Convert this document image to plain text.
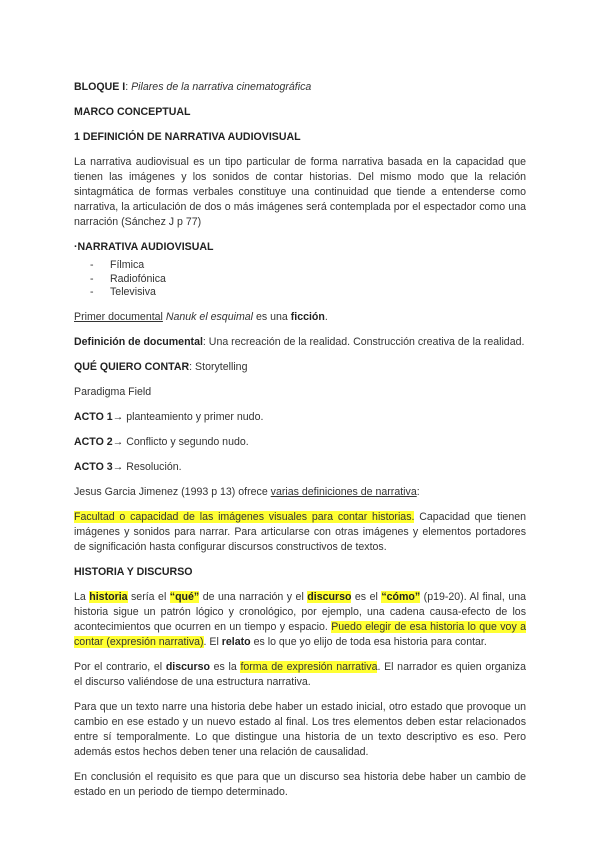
BLOQUE I: Pilares de la narrativa cinematográfica

MARCO CONCEPTUAL

1 DEFINICIÓN DE NARRATIVA AUDIOVISUAL

La narrativa audiovisual es un tipo particular de forma narrativa basada en la capacidad que tienen las imágenes y los sonidos de contar historias. Del mismo modo que la relación sintagmática de formas verbales constituye una continuidad que tiende a entenderse como narrativa, la articulación de dos o más imágenes será contemplada por el espectador como una narración (Sánchez J p 77)

·NARRATIVA AUDIOVISUAL

- Fílmica
- Radiofónica
- Televisiva

Primer documental Nanuk el esquimal es una ficción.

Definición de documental: Una recreación de la realidad. Construcción creativa de la realidad.

QUÉ QUIERO CONTAR: Storytelling

Paradigma Field

ACTO 1→ planteamiento y primer nudo.

ACTO 2→ Conflicto y segundo nudo.

ACTO 3→ Resolución.

Jesus Garcia Jimenez (1993 p 13) ofrece varias definiciones de narrativa:

Facultad o capacidad de las imágenes visuales para contar historias. Capacidad que tienen imágenes y sonidos para narrar. Para articularse con otras imágenes y elementos portadores de significación hasta configurar discursos constructivos de textos.

HISTORIA Y DISCURSO

La historia sería el “qué” de una narración y el discurso es el “cómo” (p19-20). Al final, una historia sigue un patrón lógico y cronológico, por ejemplo, una cadena causa-efecto de los acontecimientos que ocurren en un tiempo y espacio. Puedo elegir de esa historia lo que voy a contar (expresión narrativa). El relato es lo que yo elijo de toda esa historia para contar.

Por el contrario, el discurso es la forma de expresión narrativa. El narrador es quien organiza el discurso valiéndose de una estructura narrativa.

Para que un texto narre una historia debe haber un estado inicial, otro estado que provoque un cambio en ese estado y un nuevo estado al final. Los tres elementos deben estar relacionados entre sí temporalmente. Lo que distingue una historia de un texto descriptivo es eso. Pero además estos hechos deben tener una relación de causalidad.

En conclusión el requisito es que para que un discurso sea historia debe haber un cambio de estado en un periodo de tiempo determinado.
